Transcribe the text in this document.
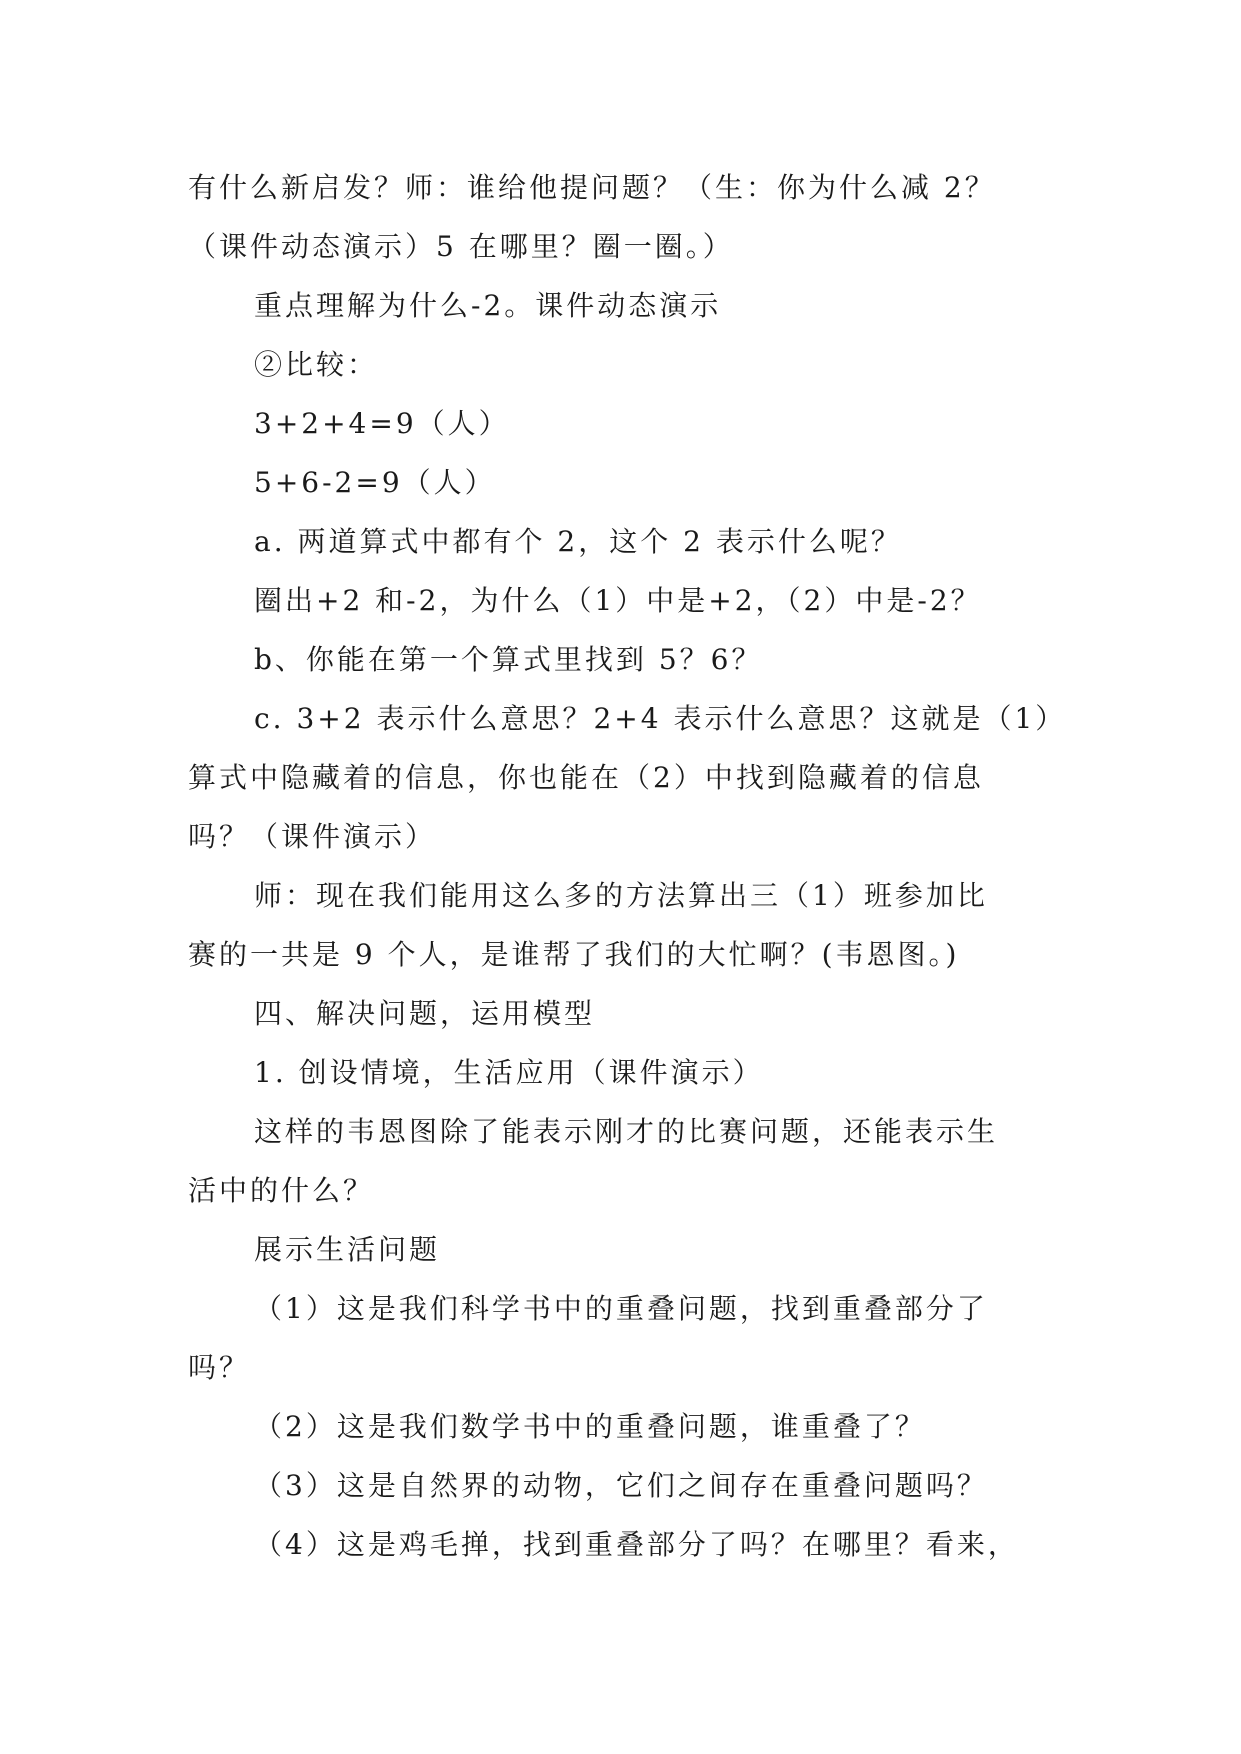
有什么新启发？师：谁给他提问题？（生：你为什么减 2？

（课件动态演示）5 在哪里？圈一圈。）

重点理解为什么-2。课件动态演示

②比较：

3+2+4=9（人）

5+6-2=9（人）

a. 两道算式中都有个 2，这个 2 表示什么呢？

圈出+2 和-2，为什么（1）中是+2，（2）中是-2？

b、你能在第一个算式里找到 5？6？

c. 3+2 表示什么意思？2+4 表示什么意思？这就是（1）

算式中隐藏着的信息，你也能在（2）中找到隐藏着的信息

吗？（课件演示）

师：现在我们能用这么多的方法算出三（1）班参加比

赛的一共是 9 个人，是谁帮了我们的大忙啊？(韦恩图。)

四、解决问题，运用模型

1. 创设情境，生活应用（课件演示）

这样的韦恩图除了能表示刚才的比赛问题，还能表示生

活中的什么？

展示生活问题

（1）这是我们科学书中的重叠问题，找到重叠部分了

吗？

（2）这是我们数学书中的重叠问题，谁重叠了？

（3）这是自然界的动物，它们之间存在重叠问题吗？

（4）这是鸡毛掸，找到重叠部分了吗？在哪里？看来，
